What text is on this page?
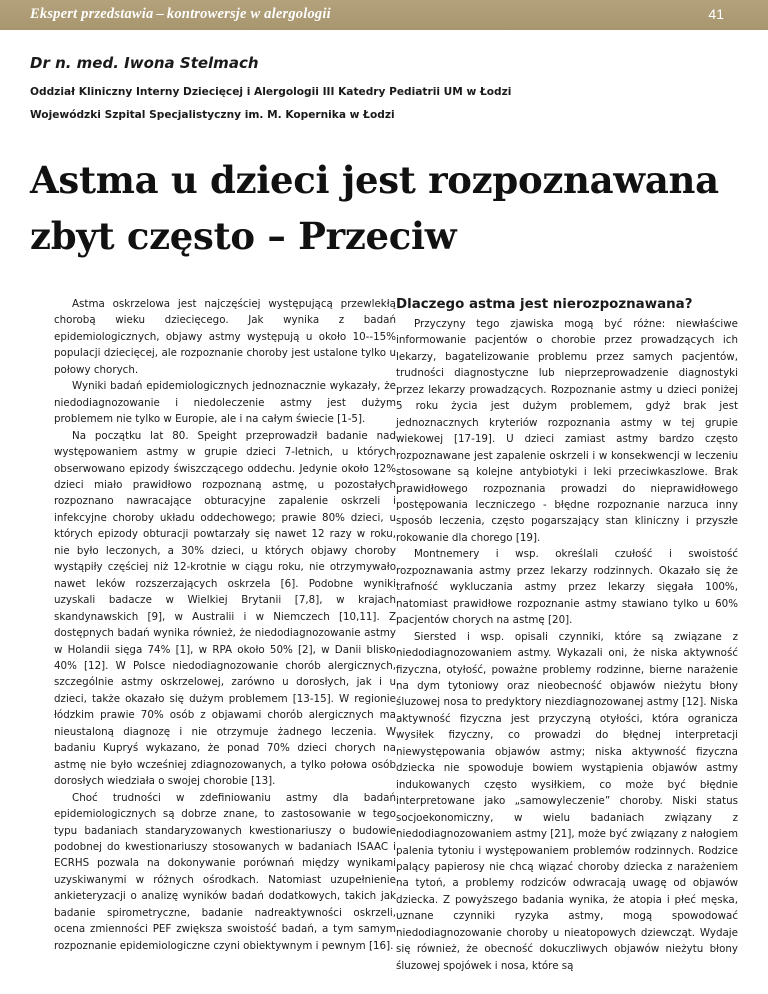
Ekspert przedstawia – kontrowersje w alergologii	41
Dr n. med. Iwona Stelmach
Oddział Kliniczny Interny Dziecięcej i Alergologii III Katedry Pediatrii UM w Łodzi
Wojewódzki Szpital Specjalistyczny im. M. Kopernika w Łodzi
Astma u dzieci jest rozpoznawana zbyt często – Przeciw

Astma oskrzelowa jest najczęściej występującą przewlekłą chorobą wieku dziecięcego. Jak wynika z badań epidemiologicznych, objawy astmy występują u około 10--15% populacji dziecięcej, ale rozpoznanie choroby jest ustalone tylko u połowy chorych.

Wyniki badań epidemiologicznych jednoznacznie wykazały, że niedodiagnozowanie i niedoleczenie astmy jest dużym problemem nie tylko w Europie, ale i na całym świecie [1-5].

Na początku lat 80. Speight przeprowadził badanie nad występowaniem astmy w grupie dzieci 7-letnich, u których obserwowano epizody świszczącego oddechu. Jedynie około 12% dzieci miało prawidłowo rozpoznaną astmę, u pozostałych rozpoznano nawracające obturacyjne zapalenie oskrzeli i infekcyjne choroby układu oddechowego; prawie 80% dzieci, u których epizody obturacji powtarzały się nawet 12 razy w roku, nie było leczonych, a 30% dzieci, u których objawy choroby wystąpiły częściej niż 12-krotnie w ciągu roku, nie otrzymywało nawet leków rozszerzających oskrzela [6]. Podobne wyniki uzyskali badacze w Wielkiej Brytanii [7,8], w krajach skandynawskich [9], w Australii i w Niemczech [10,11]. Z dostępnych badań wynika również, że niedodiagnozowanie astmy w Holandii sięga 74% [1], w RPA około 50% [2], w Danii blisko 40% [12]. W Polsce niedodiagnozowanie chorób alergicznych, szczególnie astmy oskrzelowej, zarówno u dorosłych, jak i u dzieci, także okazało się dużym problemem [13-15]. W regionie łódzkim prawie 70% osób z objawami chorób alergicznych ma nieustaloną diagnozę i nie otrzymuje żadnego leczenia. W badaniu Kupryś wykazano, że ponad 70% dzieci chorych na astmę nie było wcześniej zdiagnozowanych, a tylko połowa osób dorosłych wiedziała o swojej chorobie [13].

Choć trudności w zdefiniowaniu astmy dla badań epidemiologicznych są dobrze znane, to zastosowanie w tego typu badaniach standaryzowanych kwestionariuszy o budowie podobnej do kwestionariuszy stosowanych w badaniach ISAAC i ECRHS pozwala na dokonywanie porównań między wynikami uzyskiwanymi w różnych ośrodkach. Natomiast uzupełnienie ankieteryzacji o analizę wyników badań dodatkowych, takich jak badanie spirometryczne, badanie nadreaktywności oskrzeli, ocena zmienności PEF zwiększa swoistość badań, a tym samym rozpoznanie epidemiologiczne czyni obiektywnym i pewnym [16].

Dlaczego astma jest nierozpoznawana?

Przyczyny tego zjawiska mogą być różne: niewłaściwe informowanie pacjentów o chorobie przez prowadzących ich lekarzy, bagatelizowanie problemu przez samych pacjentów, trudności diagnostyczne lub nieprzeprowadzenie diagnostyki przez lekarzy prowadzących. Rozpoznanie astmy u dzieci poniżej 5 roku życia jest dużym problemem, gdyż brak jest jednoznacznych kryteriów rozpoznania astmy w tej grupie wiekowej [17-19]. U dzieci zamiast astmy bardzo często rozpoznawane jest zapalenie oskrzeli i w konsekwencji w leczeniu stosowane są kolejne antybiotyki i leki przeciwkaszlowe. Brak prawidłowego rozpoznania prowadzi do nieprawidłowego postępowania leczniczego - błędne rozpoznanie narzuca inny sposób leczenia, często pogarszający stan kliniczny i przyszłe rokowanie dla chorego [19].

Montnemery i wsp. określali czułość i swoistość rozpoznawania astmy przez lekarzy rodzinnych. Okazało się że trafność wykluczania astmy przez lekarzy sięgała 100%, natomiast prawidłowe rozpoznanie astmy stawiano tylko u 60% pacjentów chorych na astmę [20].

Siersted i wsp. opisali czynniki, które są związane z niedodiagnozowaniem astmy. Wykazali oni, że niska aktywność fizyczna, otyłość, poważne problemy rodzinne, bierne narażenie na dym tytoniowy oraz nieobecność objawów nieżytu błony śluzowej nosa to predyktory niezdiagnozowanej astmy [12]. Niska aktywność fizyczna jest przyczyną otyłości, która ogranicza wysiłek fizyczny, co prowadzi do błędnej interpretacji niewystępowania objawów astmy; niska aktywność fizyczna dziecka nie spowoduje bowiem wystąpienia objawów astmy indukowanych często wysiłkiem, co może być błędnie interpretowane jako „samowyleczenie” choroby. Niski status socjoekonomiczny, w wielu badaniach związany z niedodiagnozowaniem astmy [21], może być związany z nałogiem palenia tytoniu i występowaniem problemów rodzinnych. Rodzice palący papierosy nie chcą wiązać choroby dziecka z narażeniem na tytoń, a problemy rodziców odwracają uwagę od objawów dziecka. Z powyższego badania wynika, że atopia i płeć męska, uznane czynniki ryzyka astmy, mogą spowodować niedodiagnozowanie choroby u nieatopowych dziewcząt. Wydaje się również, że obecność dokuczliwych objawów nieżytu błony śluzowej spojówek i nosa, które są
